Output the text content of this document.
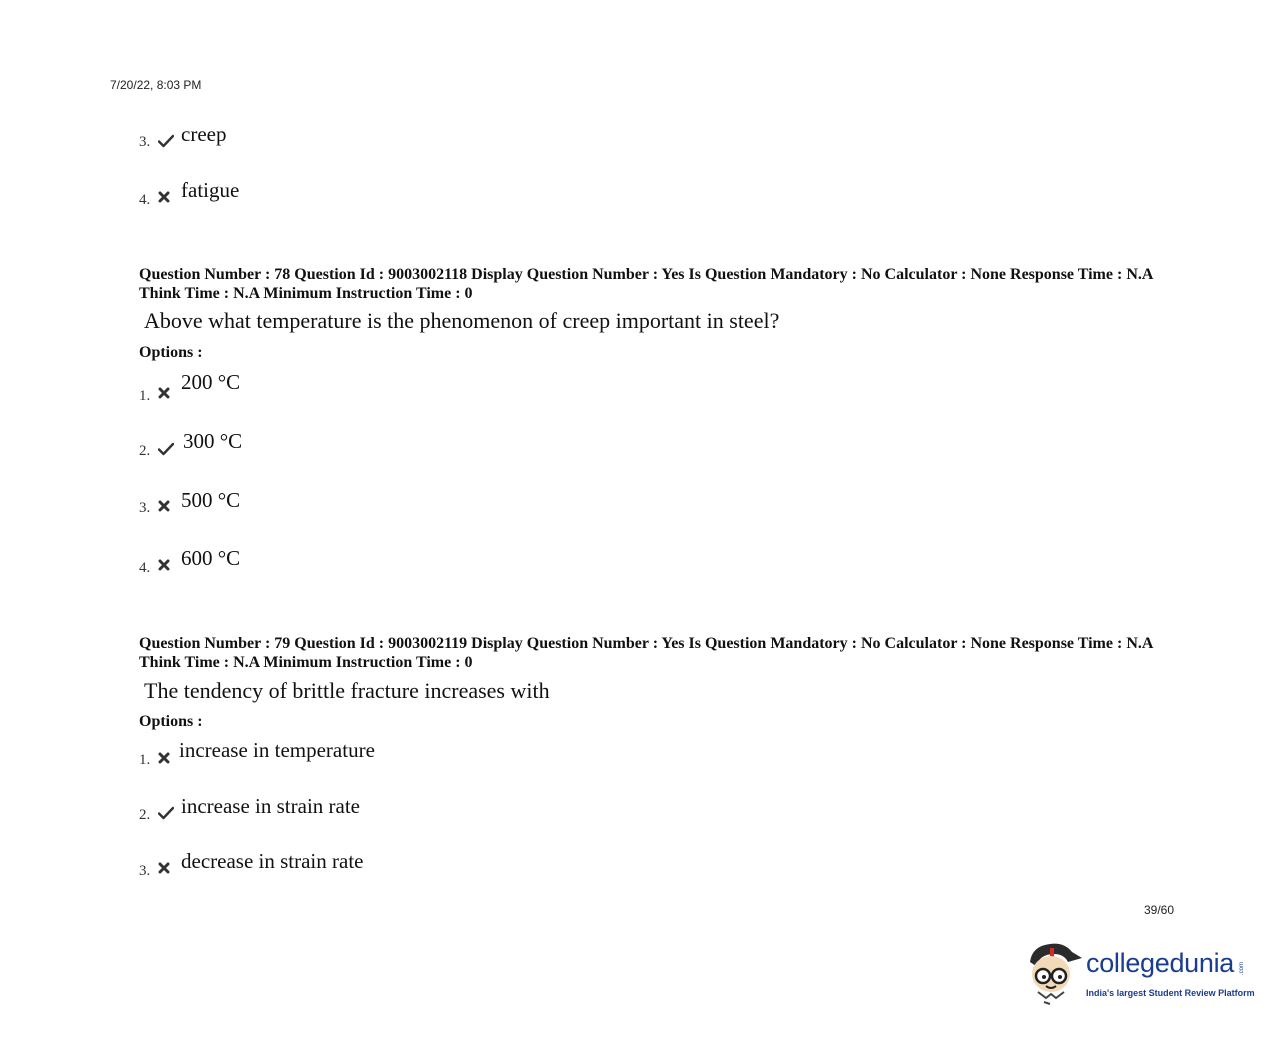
7/20/22, 8:03 PM
3. creep
4. fatigue
Question Number : 78 Question Id : 9003002118 Display Question Number : Yes Is Question Mandatory : No Calculator : None Response Time : N.A Think Time : N.A Minimum Instruction Time : 0
Above what temperature is the phenomenon of creep important in steel?
Options :
1.
200 °C
2. 300 °C
3. 500 °C
4. 600 °C
Question Number : 79 Question Id : 9003002119 Display Question Number : Yes Is Question Mandatory : No Calculator : None Response Time : N.A Think Time : N.A Minimum Instruction Time : 0
The tendency of brittle fracture increases with
Options :
1. increase in temperature
2. increase in strain rate
3. decrease in strain rate
39/60
collegedunia .com
India's largest Student Review Platform
